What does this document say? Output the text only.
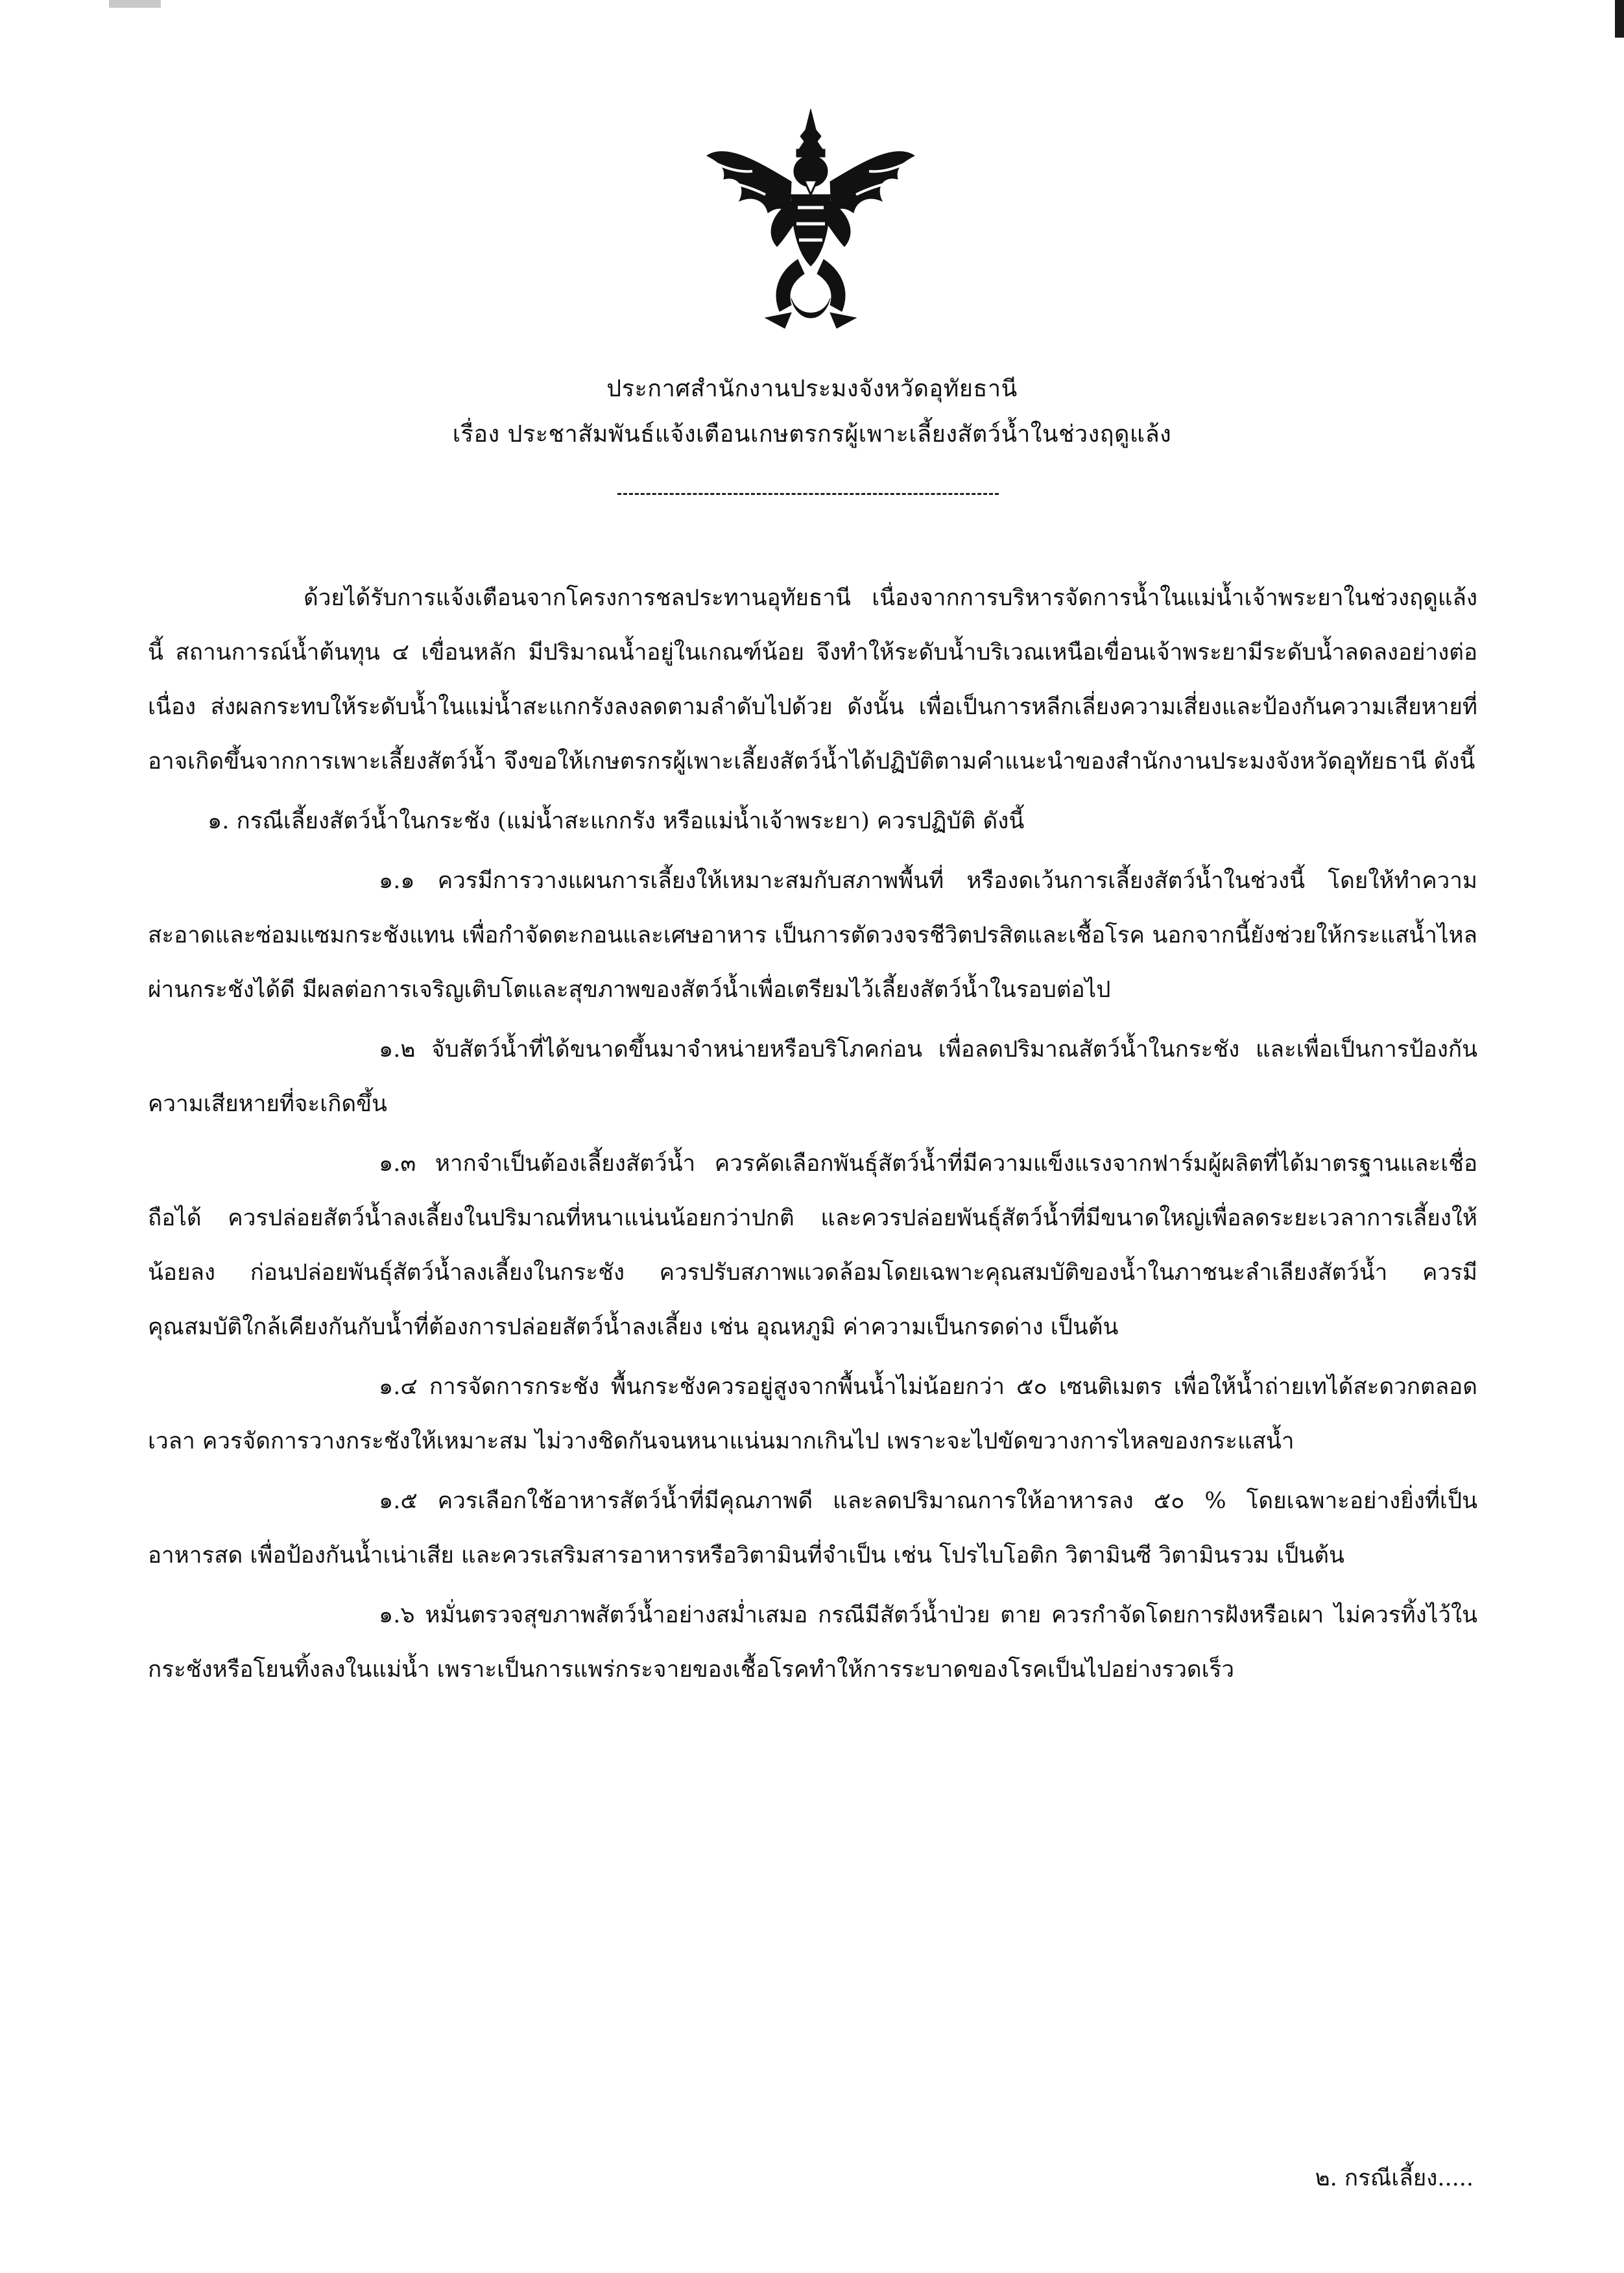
ประกาศสำนักงานประมงจังหวัดอุทัยธานี
เรื่อง ประชาสัมพันธ์แจ้งเตือนเกษตรกรผู้เพาะเลี้ยงสัตว์น้ำในช่วงฤดูแล้ง

ด้วยได้รับการแจ้งเตือนจากโครงการชลประทานอุทัยธานี เนื่องจากการบริหารจัดการน้ำในแม่น้ำเจ้าพระยาในช่วงฤดูแล้งนี้ สถานการณ์น้ำต้นทุน ๔ เขื่อนหลัก มีปริมาณน้ำอยู่ในเกณฑ์น้อย จึงทำให้ระดับน้ำบริเวณเหนือเขื่อนเจ้าพระยามีระดับน้ำลดลงอย่างต่อเนื่อง ส่งผลกระทบให้ระดับน้ำในแม่น้ำสะแกกรังลงลดตามลำดับไปด้วย ดังนั้น เพื่อเป็นการหลีกเลี่ยงความเสี่ยงและป้องกันความเสียหายที่อาจเกิดขึ้นจากการเพาะเลี้ยงสัตว์น้ำ จึงขอให้เกษตรกรผู้เพาะเลี้ยงสัตว์น้ำได้ปฏิบัติตามคำแนะนำของสำนักงานประมงจังหวัดอุทัยธานี ดังนี้

๑. กรณีเลี้ยงสัตว์น้ำในกระชัง (แม่น้ำสะแกกรัง หรือแม่น้ำเจ้าพระยา) ควรปฏิบัติ ดังนี้

๑.๑ ควรมีการวางแผนการเลี้ยงให้เหมาะสมกับสภาพพื้นที่ หรืองดเว้นการเลี้ยงสัตว์น้ำในช่วงนี้ โดยให้ทำความสะอาดและซ่อมแซมกระชังแทน เพื่อกำจัดตะกอนและเศษอาหาร เป็นการตัดวงจรชีวิตปรสิตและเชื้อโรค นอกจากนี้ยังช่วยให้กระแสน้ำไหลผ่านกระชังได้ดี มีผลต่อการเจริญเติบโตและสุขภาพของสัตว์น้ำเพื่อเตรียมไว้เลี้ยงสัตว์น้ำในรอบต่อไป

๑.๒ จับสัตว์น้ำที่ได้ขนาดขึ้นมาจำหน่ายหรือบริโภคก่อน เพื่อลดปริมาณสัตว์น้ำในกระชัง และเพื่อเป็นการป้องกันความเสียหายที่จะเกิดขึ้น

๑.๓ หากจำเป็นต้องเลี้ยงสัตว์น้ำ ควรคัดเลือกพันธุ์สัตว์น้ำที่มีความแข็งแรงจากฟาร์มผู้ผลิตที่ได้มาตรฐานและเชื่อถือได้ ควรปล่อยสัตว์น้ำลงเลี้ยงในปริมาณที่หนาแน่นน้อยกว่าปกติ และควรปล่อยพันธุ์สัตว์น้ำที่มีขนาดใหญ่เพื่อลดระยะเวลาการเลี้ยงให้น้อยลง ก่อนปล่อยพันธุ์สัตว์น้ำลงเลี้ยงในกระชัง ควรปรับสภาพแวดล้อมโดยเฉพาะคุณสมบัติของน้ำในภาชนะลำเลียงสัตว์น้ำ ควรมีคุณสมบัติใกล้เคียงกันกับน้ำที่ต้องการปล่อยสัตว์น้ำลงเลี้ยง เช่น อุณหภูมิ ค่าความเป็นกรดด่าง เป็นต้น

๑.๔ การจัดการกระชัง พื้นกระชังควรอยู่สูงจากพื้นน้ำไม่น้อยกว่า ๕๐ เซนติเมตร เพื่อให้น้ำถ่ายเทได้สะดวกตลอดเวลา ควรจัดการวางกระชังให้เหมาะสม ไม่วางชิดกันจนหนาแน่นมากเกินไป เพราะจะไปขัดขวางการไหลของกระแสน้ำ

๑.๕ ควรเลือกใช้อาหารสัตว์น้ำที่มีคุณภาพดี และลดปริมาณการให้อาหารลง ๕๐ % โดยเฉพาะอย่างยิ่งที่เป็นอาหารสด เพื่อป้องกันน้ำเน่าเสีย และควรเสริมสารอาหารหรือวิตามินที่จำเป็น เช่น โปรไบโอติก วิตามินซี วิตามินรวม เป็นต้น

๑.๖ หมั่นตรวจสุขภาพสัตว์น้ำอย่างสม่ำเสมอ กรณีมีสัตว์น้ำป่วย ตาย ควรกำจัดโดยการฝังหรือเผา ไม่ควรทิ้งไว้ในกระชังหรือโยนทิ้งลงในแม่น้ำ เพราะเป็นการแพร่กระจายของเชื้อโรคทำให้การระบาดของโรคเป็นไปอย่างรวดเร็ว

๒. กรณีเลี้ยง.....
